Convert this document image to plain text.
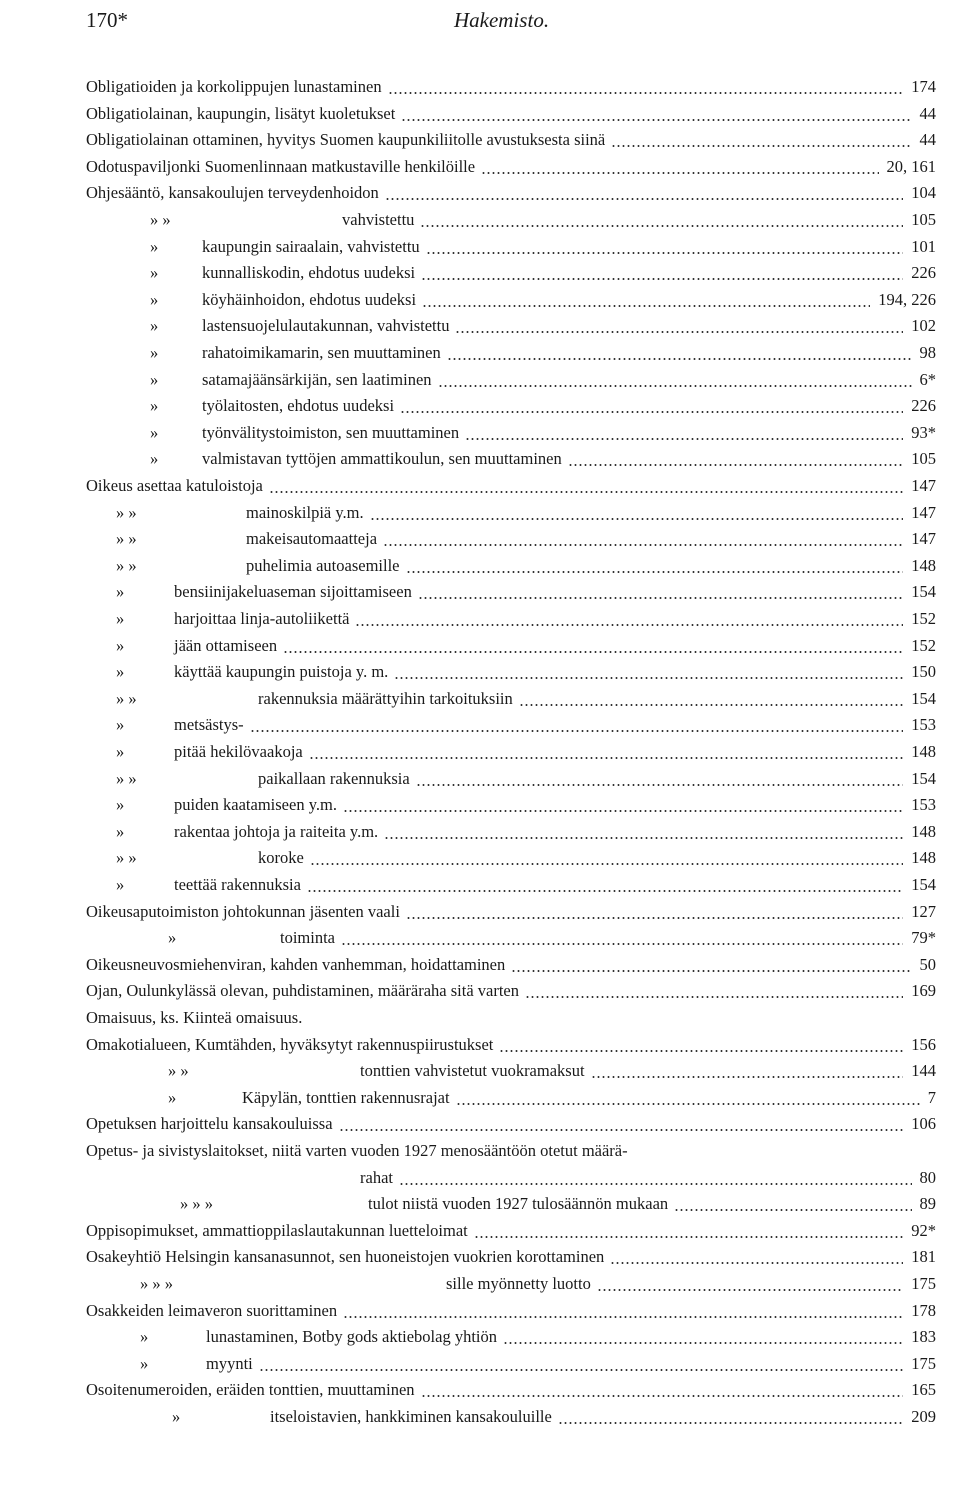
170*	Hakemisto.
Obligatioiden ja korkolippujen lunastaminen	174
Obligatiolainan, kaupungin, lisätyt kuoletukset	44
Obligatiolainan ottaminen, hyvitys Suomen kaupunkiliitolle avustuksesta siinä	44
Odotuspaviljonki Suomenlinnaan matkustaville henkilöille	20, 161
Ohjesääntö, kansakoulujen terveydenhoidon	104
» »	vahvistettu	105
»	kaupungin sairaalain, vahvistettu	101
»	kunnalliskodin, ehdotus uudeksi	226
»	köyhäinhoidon, ehdotus uudeksi	194, 226
»	lastensuojelulautakunnan, vahvistettu	102
»	rahatoimikamarin, sen muuttaminen	98
»	satamajäänsärkijän, sen laatiminen	6*
»	työlaitosten, ehdotus uudeksi	226
»	työnvälitystoimiston, sen muuttaminen	93*
»	valmistavan tyttöjen ammattikoulun, sen muuttaminen	105
Oikeus asettaa katuloistoja	147
» »	mainoskilpiä y.m.	147
» »	makeisautomaatteja	147
» »	puhelimia autoasemille	148
»	bensiinijakeluaseman sijoittamiseen	154
»	harjoittaa linja-autoliikettä	152
»	jään ottamiseen	152
»	käyttää kaupungin puistoja y. m.	150
» »	rakennuksia määrättyihin tarkoituksiin	154
»	metsästys-	153
»	pitää hekilövaakoja	148
» »	paikallaan rakennuksia	154
»	puiden kaatamiseen y.m.	153
»	rakentaa johtoja ja raiteita y.m.	148
» »	koroke	148
»	teettää rakennuksia	154
Oikeusaputoimiston johtokunnan jäsenten vaali	127
»	toiminta	79*
Oikeusneuvosmiehenviran, kahden vanhemman, hoidattaminen	50
Ojan, Oulunkylässä olevan, puhdistaminen, määräraha sitä varten	169
Omaisuus, ks. Kiinteä omaisuus.
Omakotialueen, Kumtähden, hyväksytyt rakennuspiirustukset	156
» »	tonttien vahvistetut vuokramaksut	144
»	Käpylän, tonttien rakennusrajat	7
Opetuksen harjoittelu kansakouluissa	106
Opetus- ja sivistyslaitokset, niitä varten vuoden 1927 menosääntöön otetut määrä-
rahat	80
» » »	tulot niistä vuoden 1927 tulosäännön mukaan	89
Oppisopimukset, ammattioppilaslautakunnan luetteloimat	92*
Osakeyhtiö Helsingin kansanasunnot, sen huoneistojen vuokrien korottaminen	181
» » »	sille myönnetty luotto	175
Osakkeiden leimaveron suorittaminen	178
»	lunastaminen, Botby gods aktiebolag yhtiön	183
»	myynti	175
Osoitenumeroiden, eräiden tonttien, muuttaminen	165
»	itseloistavien, hankkiminen kansakouluille	209
